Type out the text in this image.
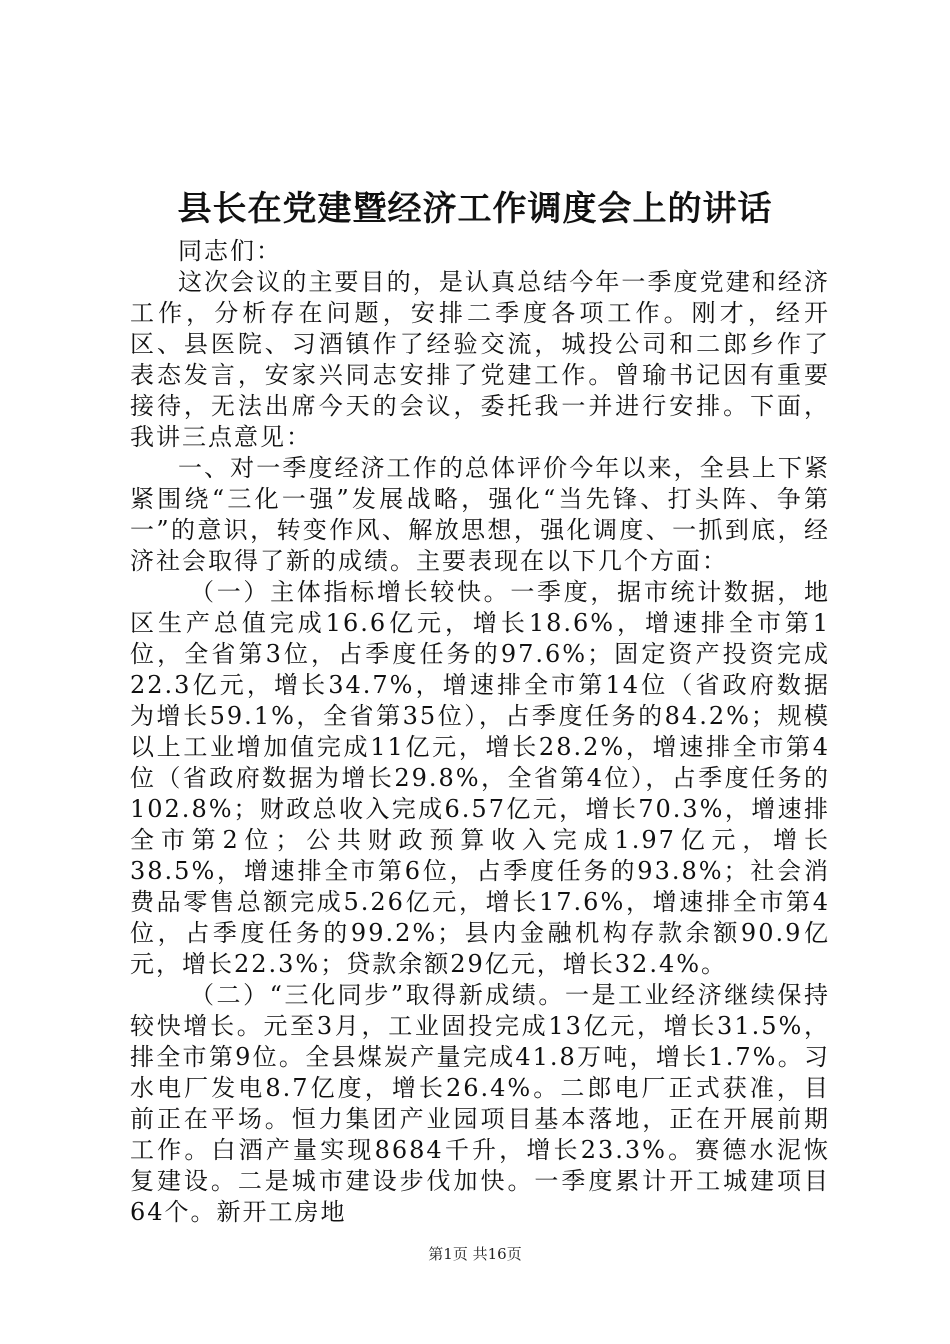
县长在党建暨经济工作调度会上的讲话

同志们：

这次会议的主要目的，是认真总结今年一季度党建和经济工作，分析存在问题，安排二季度各项工作。刚才，经开区、县医院、习酒镇作了经验交流，城投公司和二郎乡作了表态发言，安家兴同志安排了党建工作。曾瑜书记因有重要接待，无法出席今天的会议，委托我一并进行安排。下面，我讲三点意见：

一、对一季度经济工作的总体评价今年以来，全县上下紧紧围绕“三化一强”发展战略，强化“当先锋、打头阵、争第一”的意识，转变作风、解放思想，强化调度、一抓到底，经济社会取得了新的成绩。主要表现在以下几个方面：

（一）主体指标增长较快。一季度，据市统计数据，地区生产总值完成16.6亿元，增长18.6%，增速排全市第1位，全省第3位，占季度任务的97.6%；固定资产投资完成22.3亿元，增长34.7%，增速排全市第14位（省政府数据为增长59.1%，全省第35位），占季度任务的84.2%；规模以上工业增加值完成11亿元，增长28.2%，增速排全市第4位（省政府数据为增长29.8%，全省第4位），占季度任务的102.8%；财政总收入完成6.57亿元，增长70.3%，增速排全市第2位；公共财政预算收入完成1.97亿元，增长38.5%，增速排全市第6位，占季度任务的93.8%；社会消费品零售总额完成5.26亿元，增长17.6%，增速排全市第4位，占季度任务的99.2%；县内金融机构存款余额90.9亿元，增长22.3%；贷款余额29亿元，增长32.4%。

（二）“三化同步”取得新成绩。一是工业经济继续保持较快增长。元至3月，工业固投完成13亿元，增长31.5%，排全市第9位。全县煤炭产量完成41.8万吨，增长1.7%。习水电厂发电8.7亿度，增长26.4%。二郎电厂正式获准，目前正在平场。恒力集团产业园项目基本落地，正在开展前期工作。白酒产量实现8684千升，增长23.3%。赛德水泥恢复建设。二是城市建设步伐加快。一季度累计开工城建项目64个。新开工房地

第1页 共16页
